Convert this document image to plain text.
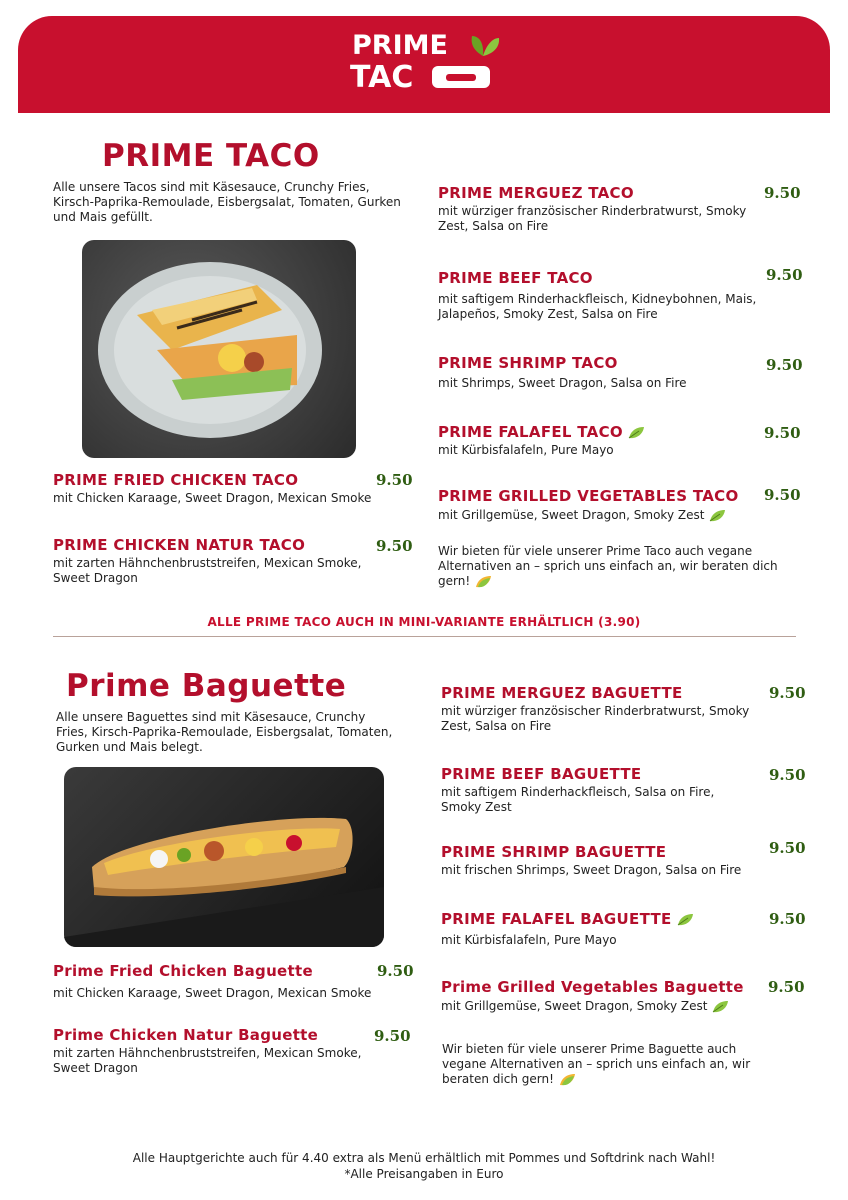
PRIME
TAC
PRIME TACO
Alle unsere Tacos sind mit Käsesauce, Crunchy Fries, Kirsch-Paprika-Remoulade, Eisbergsalat, Tomaten, Gurken und Mais gefüllt.
PRIME FRIED CHICKEN TACO
mit Chicken Karaage, Sweet Dragon, Mexican Smoke
9.50
PRIME CHICKEN NATUR TACO
mit zarten Hähnchenbruststreifen, Mexican Smoke, Sweet Dragon
9.50
PRIME MERGUEZ TACO
mit würziger französischer Rinderbratwurst, Smoky Zest, Salsa on Fire
9.50
PRIME BEEF TACO
mit saftigem Rinderhackfleisch, Kidneybohnen, Mais, Jalapeños, Smoky Zest, Salsa on Fire
9.50
PRIME SHRIMP TACO
mit Shrimps, Sweet Dragon, Salsa on Fire
9.50
PRIME FALAFEL TACO
mit Kürbisfalafeln, Pure Mayo
9.50
PRIME GRILLED VEGETABLES TACO
mit Grillgemüse, Sweet Dragon, Smoky Zest
9.50
Wir bieten für viele unserer Prime Taco auch vegane Alternativen an – sprich uns einfach an, wir beraten dich gern!
ALLE PRIME TACO AUCH IN MINI-VARIANTE ERHÄLTLICH (3.90)
Prime Baguette
Alle unsere Baguettes sind mit Käsesauce, Crunchy Fries, Kirsch-Paprika-Remoulade, Eisbergsalat, Tomaten, Gurken und Mais belegt.
Prime Fried Chicken Baguette
mit Chicken Karaage, Sweet Dragon, Mexican Smoke
9.50
Prime Chicken Natur Baguette
mit zarten Hähnchenbruststreifen, Mexican Smoke, Sweet Dragon
9.50
PRIME MERGUEZ BAGUETTE
mit würziger französischer Rinderbratwurst, Smoky Zest, Salsa on Fire
9.50
PRIME BEEF BAGUETTE
mit saftigem Rinderhackfleisch, Salsa on Fire, Smoky Zest
9.50
PRIME SHRIMP BAGUETTE
mit frischen Shrimps, Sweet Dragon, Salsa on Fire
9.50
PRIME FALAFEL BAGUETTE
mit Kürbisfalafeln, Pure Mayo
9.50
Prime Grilled Vegetables Baguette
mit Grillgemüse, Sweet Dragon, Smoky Zest
9.50
Wir bieten für viele unserer Prime Baguette auch vegane Alternativen an – sprich uns einfach an, wir beraten dich gern!
Alle Hauptgerichte auch für 4.40 extra als Menü erhältlich mit Pommes und Softdrink nach Wahl!
*Alle Preisangaben in Euro
